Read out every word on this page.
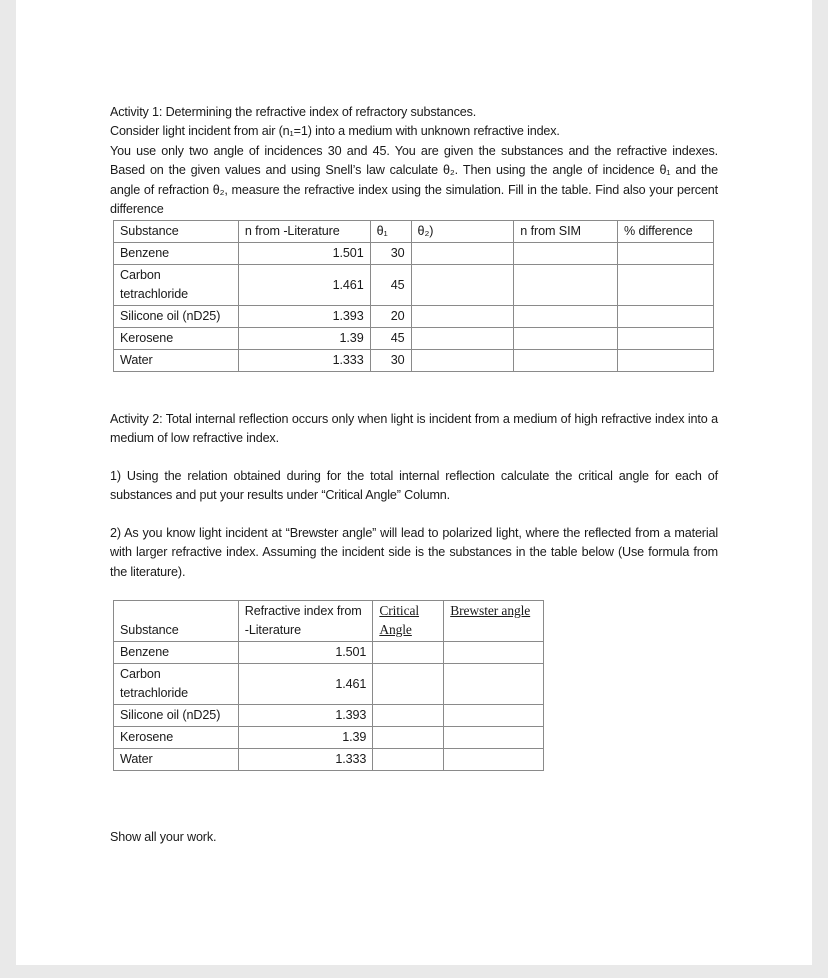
Activity 1: Determining the refractive index of refractory substances.

Consider light incident from air (n₁=1) into a medium with unknown refractive index.

You use only two angle of incidences 30 and 45. You are given the substances and the refractive indexes. Based on the given values and using Snell’s law calculate θ₂. Then using the angle of incidence θ₁ and the angle of refraction θ₂, measure the refractive index using the simulation. Fill in the table. Find also your percent difference

Substance	n from -Literature	θ₁	θ₂)	n from SIM	% difference
Benzene	1.501	30			
Carbon tetrachloride	1.461	45			
Silicone oil (nD25)	1.393	20			
Kerosene	1.39	45			
Water	1.333	30			
Activity 2: Total internal reflection occurs only when light is incident from a medium of high refractive index into a medium of low refractive index.
1) Using the relation obtained during for the total internal reflection calculate the critical angle for each of substances and put your results under “Critical Angle” Column.
2) As you know light incident at “Brewster angle” will lead to polarized light, where the reflected from a material with larger refractive index. Assuming the incident side is the substances in the table below (Use formula from the literature).
Substance	Refractive index from -Literature	Critical Angle	Brewster angle
Benzene	1.501		
Carbon tetrachloride	1.461		
Silicone oil (nD25)	1.393		
Kerosene	1.39		
Water	1.333		
Show all your work.
